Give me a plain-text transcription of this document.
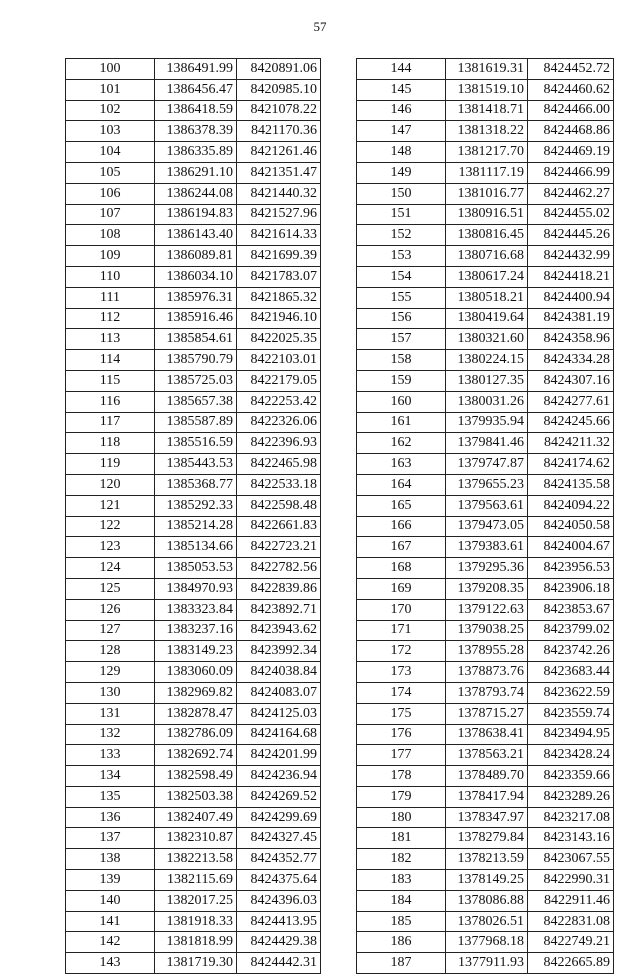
57
100	1386491.99	8420891.06
101	1386456.47	8420985.10
102	1386418.59	8421078.22
103	1386378.39	8421170.36
104	1386335.89	8421261.46
105	1386291.10	8421351.47
106	1386244.08	8421440.32
107	1386194.83	8421527.96
108	1386143.40	8421614.33
109	1386089.81	8421699.39
110	1386034.10	8421783.07
111	1385976.31	8421865.32
112	1385916.46	8421946.10
113	1385854.61	8422025.35
114	1385790.79	8422103.01
115	1385725.03	8422179.05
116	1385657.38	8422253.42
117	1385587.89	8422326.06
118	1385516.59	8422396.93
119	1385443.53	8422465.98
120	1385368.77	8422533.18
121	1385292.33	8422598.48
122	1385214.28	8422661.83
123	1385134.66	8422723.21
124	1385053.53	8422782.56
125	1384970.93	8422839.86
126	1383323.84	8423892.71
127	1383237.16	8423943.62
128	1383149.23	8423992.34
129	1383060.09	8424038.84
130	1382969.82	8424083.07
131	1382878.47	8424125.03
132	1382786.09	8424164.68
133	1382692.74	8424201.99
134	1382598.49	8424236.94
135	1382503.38	8424269.52
136	1382407.49	8424299.69
137	1382310.87	8424327.45
138	1382213.58	8424352.77
139	1382115.69	8424375.64
140	1382017.25	8424396.03
141	1381918.33	8424413.95
142	1381818.99	8424429.38
143	1381719.30	8424442.31
144	1381619.31	8424452.72
145	1381519.10	8424460.62
146	1381418.71	8424466.00
147	1381318.22	8424468.86
148	1381217.70	8424469.19
149	1381117.19	8424466.99
150	1381016.77	8424462.27
151	1380916.51	8424455.02
152	1380816.45	8424445.26
153	1380716.68	8424432.99
154	1380617.24	8424418.21
155	1380518.21	8424400.94
156	1380419.64	8424381.19
157	1380321.60	8424358.96
158	1380224.15	8424334.28
159	1380127.35	8424307.16
160	1380031.26	8424277.61
161	1379935.94	8424245.66
162	1379841.46	8424211.32
163	1379747.87	8424174.62
164	1379655.23	8424135.58
165	1379563.61	8424094.22
166	1379473.05	8424050.58
167	1379383.61	8424004.67
168	1379295.36	8423956.53
169	1379208.35	8423906.18
170	1379122.63	8423853.67
171	1379038.25	8423799.02
172	1378955.28	8423742.26
173	1378873.76	8423683.44
174	1378793.74	8423622.59
175	1378715.27	8423559.74
176	1378638.41	8423494.95
177	1378563.21	8423428.24
178	1378489.70	8423359.66
179	1378417.94	8423289.26
180	1378347.97	8423217.08
181	1378279.84	8423143.16
182	1378213.59	8423067.55
183	1378149.25	8422990.31
184	1378086.88	8422911.46
185	1378026.51	8422831.08
186	1377968.18	8422749.21
187	1377911.93	8422665.89
